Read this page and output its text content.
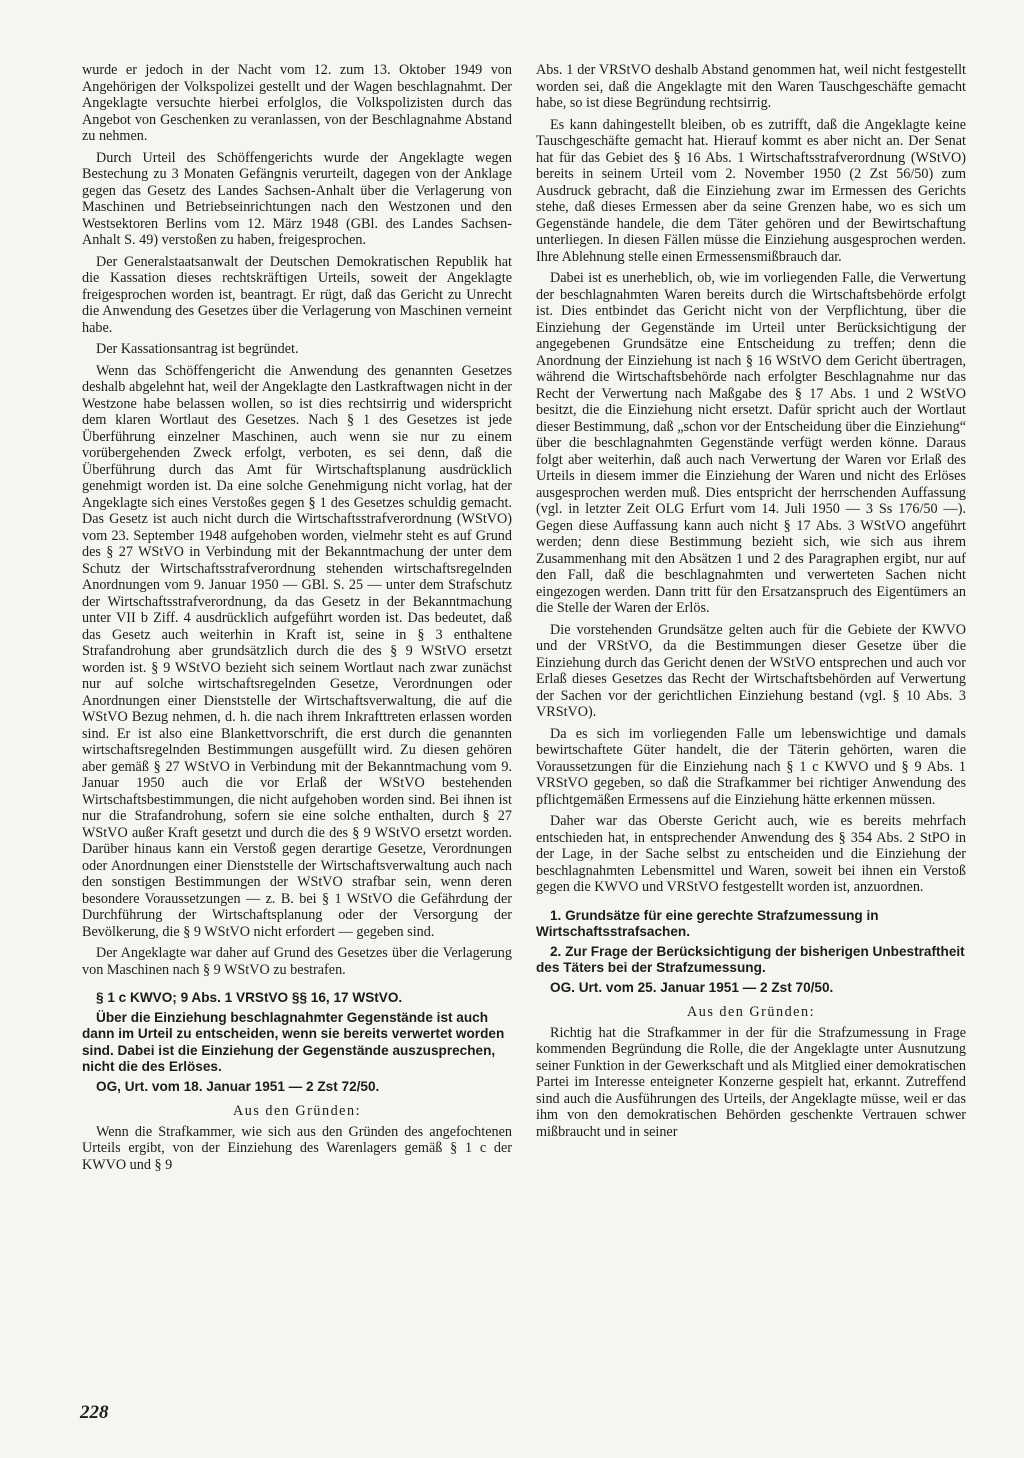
wurde er jedoch in der Nacht vom 12. zum 13. Oktober 1949 von Angehörigen der Volkspolizei gestellt und der Wagen beschlagnahmt. Der Angeklagte versuchte hierbei erfolglos, die Volkspolizisten durch das Angebot von Geschenken zu veranlassen, von der Beschlagnahme Abstand zu nehmen.

Durch Urteil des Schöffengerichts wurde der Angeklagte wegen Bestechung zu 3 Monaten Gefängnis verurteilt, dagegen von der Anklage gegen das Gesetz des Landes Sachsen-Anhalt über die Verlagerung von Maschinen und Betriebseinrichtungen nach den Westzonen und den Westsektoren Berlins vom 12. März 1948 (GBl. des Landes Sachsen-Anhalt S. 49) verstoßen zu haben, freigesprochen.

Der Generalstaatsanwalt der Deutschen Demokratischen Republik hat die Kassation dieses rechtskräftigen Urteils, soweit der Angeklagte freigesprochen worden ist, beantragt. Er rügt, daß das Gericht zu Unrecht die Anwendung des Gesetzes über die Verlagerung von Maschinen verneint habe.

Der Kassationsantrag ist begründet.

Wenn das Schöffengericht die Anwendung des genannten Gesetzes deshalb abgelehnt hat, weil der Angeklagte den Lastkraftwagen nicht in der Westzone habe belassen wollen, so ist dies rechtsirrig und widerspricht dem klaren Wortlaut des Gesetzes. Nach § 1 des Gesetzes ist jede Überführung einzelner Maschinen, auch wenn sie nur zu einem vorübergehenden Zweck erfolgt, verboten, es sei denn, daß die Überführung durch das Amt für Wirtschaftsplanung ausdrücklich genehmigt worden ist. Da eine solche Genehmigung nicht vorlag, hat der Angeklagte sich eines Verstoßes gegen § 1 des Gesetzes schuldig gemacht. Das Gesetz ist auch nicht durch die Wirtschaftsstrafverordnung (WStVO) vom 23. September 1948 aufgehoben worden, vielmehr steht es auf Grund des § 27 WStVO in Verbindung mit der Bekanntmachung der unter dem Schutz der Wirtschaftsstrafverordnung stehenden wirtschaftsregelnden Anordnungen vom 9. Januar 1950 — GBl. S. 25 — unter dem Strafschutz der Wirtschaftsstrafverordnung, da das Gesetz in der Bekanntmachung unter VII b Ziff. 4 ausdrücklich aufgeführt worden ist. Das bedeutet, daß das Gesetz auch weiterhin in Kraft ist, seine in § 3 enthaltene Strafandrohung aber grundsätzlich durch die des § 9 WStVO ersetzt worden ist. § 9 WStVO bezieht sich seinem Wortlaut nach zwar zunächst nur auf solche wirtschaftsregelnden Gesetze, Verordnungen oder Anordnungen einer Dienststelle der Wirtschaftsverwaltung, die auf die WStVO Bezug nehmen, d. h. die nach ihrem Inkrafttreten erlassen worden sind. Er ist also eine Blankettvorschrift, die erst durch die genannten wirtschaftsregelnden Bestimmungen ausgefüllt wird. Zu diesen gehören aber gemäß § 27 WStVO in Verbindung mit der Bekanntmachung vom 9. Januar 1950 auch die vor Erlaß der WStVO bestehenden Wirtschaftsbestimmungen, die nicht aufgehoben worden sind. Bei ihnen ist nur die Strafandrohung, sofern sie eine solche enthalten, durch § 27 WStVO außer Kraft gesetzt und durch die des § 9 WStVO ersetzt worden. Darüber hinaus kann ein Verstoß gegen derartige Gesetze, Verordnungen oder Anordnungen einer Dienststelle der Wirtschaftsverwaltung auch nach den sonstigen Bestimmungen der WStVO strafbar sein, wenn deren besondere Voraussetzungen — z. B. bei § 1 WStVO die Gefährdung der Durchführung der Wirtschaftsplanung oder der Versorgung der Bevölkerung, die § 9 WStVO nicht erfordert — gegeben sind.

Der Angeklagte war daher auf Grund des Gesetzes über die Verlagerung von Maschinen nach § 9 WStVO zu bestrafen.

§ 1 c KWVO; 9 Abs. 1 VRStVO §§ 16, 17 WStVO.
Über die Einziehung beschlagnahmter Gegenstände ist auch dann im Urteil zu entscheiden, wenn sie bereits verwertet worden sind. Dabei ist die Einziehung der Gegenstände auszusprechen, nicht die des Erlöses.
OG, Urt. vom 18. Januar 1951 — 2 Zst 72/50.
Aus den Gründen:

Wenn die Strafkammer, wie sich aus den Gründen des angefochtenen Urteils ergibt, von der Einziehung des Warenlagers gemäß § 1 c der KWVO und § 9

Abs. 1 der VRStVO deshalb Abstand genommen hat, weil nicht festgestellt worden sei, daß die Angeklagte mit den Waren Tauschgeschäfte gemacht habe, so ist diese Begründung rechtsirrig.

Es kann dahingestellt bleiben, ob es zutrifft, daß die Angeklagte keine Tauschgeschäfte gemacht hat. Hierauf kommt es aber nicht an. Der Senat hat für das Gebiet des § 16 Abs. 1 Wirtschaftsstrafverordnung (WStVO) bereits in seinem Urteil vom 2. November 1950 (2 Zst 56/50) zum Ausdruck gebracht, daß die Einziehung zwar im Ermessen des Gerichts stehe, daß dieses Ermessen aber da seine Grenzen habe, wo es sich um Gegenstände handele, die dem Täter gehören und der Bewirtschaftung unterliegen. In diesen Fällen müsse die Einziehung ausgesprochen werden. Ihre Ablehnung stelle einen Ermessensmißbrauch dar.

Dabei ist es unerheblich, ob, wie im vorliegenden Falle, die Verwertung der beschlagnahmten Waren bereits durch die Wirtschaftsbehörde erfolgt ist. Dies entbindet das Gericht nicht von der Verpflichtung, über die Einziehung der Gegenstände im Urteil unter Berücksichtigung der angegebenen Grundsätze eine Entscheidung zu treffen; denn die Anordnung der Einziehung ist nach § 16 WStVO dem Gericht übertragen, während die Wirtschaftsbehörde nach erfolgter Beschlagnahme nur das Recht der Verwertung nach Maßgabe des § 17 Abs. 1 und 2 WStVO besitzt, die die Einziehung nicht ersetzt. Dafür spricht auch der Wortlaut dieser Bestimmung, daß „schon vor der Entscheidung über die Einziehung“ über die beschlagnahmten Gegenstände verfügt werden könne. Daraus folgt aber weiterhin, daß auch nach Verwertung der Waren vor Erlaß des Urteils in diesem immer die Einziehung der Waren und nicht des Erlöses ausgesprochen werden muß. Dies entspricht der herrschenden Auffassung (vgl. in letzter Zeit OLG Erfurt vom 14. Juli 1950 — 3 Ss 176/50 —). Gegen diese Auffassung kann auch nicht § 17 Abs. 3 WStVO angeführt werden; denn diese Bestimmung bezieht sich, wie sich aus ihrem Zusammenhang mit den Absätzen 1 und 2 des Paragraphen ergibt, nur auf den Fall, daß die beschlagnahmten und verwerteten Sachen nicht eingezogen werden. Dann tritt für den Ersatzanspruch des Eigentümers an die Stelle der Waren der Erlös.

Die vorstehenden Grundsätze gelten auch für die Gebiete der KWVO und der VRStVO, da die Bestimmungen dieser Gesetze über die Einziehung durch das Gericht denen der WStVO entsprechen und auch vor Erlaß dieses Gesetzes das Recht der Wirtschaftsbehörden auf Verwertung der Sachen vor der gerichtlichen Einziehung bestand (vgl. § 10 Abs. 3 VRStVO).

Da es sich im vorliegenden Falle um lebenswichtige und damals bewirtschaftete Güter handelt, die der Täterin gehörten, waren die Voraussetzungen für die Einziehung nach § 1 c KWVO und § 9 Abs. 1 VRStVO gegeben, so daß die Strafkammer bei richtiger Anwendung des pflichtgemäßen Ermessens auf die Einziehung hätte erkennen müssen.

Daher war das Oberste Gericht auch, wie es bereits mehrfach entschieden hat, in entsprechender Anwendung des § 354 Abs. 2 StPO in der Lage, in der Sache selbst zu entscheiden und die Einziehung der beschlagnahmten Lebensmittel und Waren, soweit bei ihnen ein Verstoß gegen die KWVO und VRStVO festgestellt worden ist, anzuordnen.

1. Grundsätze für eine gerechte Strafzumessung in Wirtschaftsstrafsachen.
2. Zur Frage der Berücksichtigung der bisherigen Unbestraftheit des Täters bei der Strafzumessung.
OG. Urt. vom 25. Januar 1951 — 2 Zst 70/50.
Aus den Gründen:

Richtig hat die Strafkammer in der für die Strafzumessung in Frage kommenden Begründung die Rolle, die der Angeklagte unter Ausnutzung seiner Funktion in der Gewerkschaft und als Mitglied einer demokratischen Partei im Interesse enteigneter Konzerne gespielt hat, erkannt. Zutreffend sind auch die Ausführungen des Urteils, der Angeklagte müsse, weil er das ihm von den demokratischen Behörden geschenkte Vertrauen schwer mißbraucht und in seiner

228
